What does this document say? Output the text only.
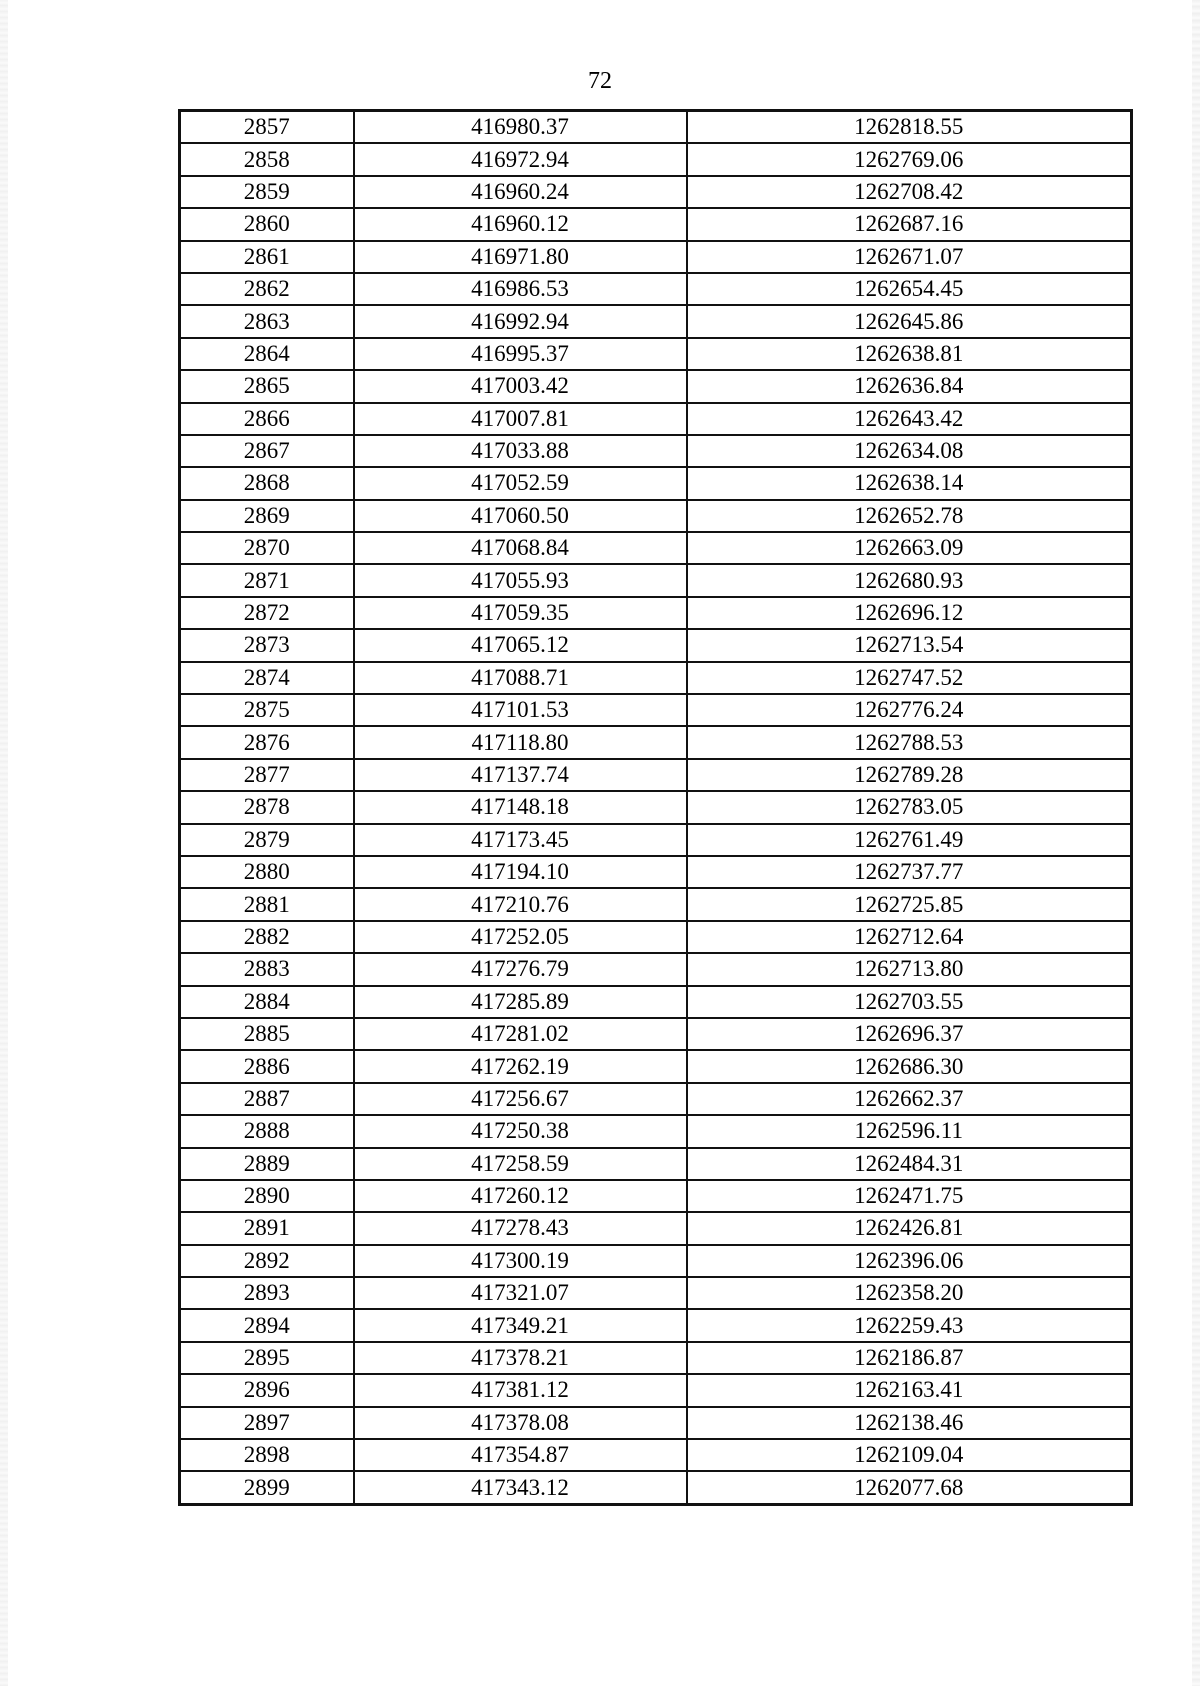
72
2857	416980.37	1262818.55
2858	416972.94	1262769.06
2859	416960.24	1262708.42
2860	416960.12	1262687.16
2861	416971.80	1262671.07
2862	416986.53	1262654.45
2863	416992.94	1262645.86
2864	416995.37	1262638.81
2865	417003.42	1262636.84
2866	417007.81	1262643.42
2867	417033.88	1262634.08
2868	417052.59	1262638.14
2869	417060.50	1262652.78
2870	417068.84	1262663.09
2871	417055.93	1262680.93
2872	417059.35	1262696.12
2873	417065.12	1262713.54
2874	417088.71	1262747.52
2875	417101.53	1262776.24
2876	417118.80	1262788.53
2877	417137.74	1262789.28
2878	417148.18	1262783.05
2879	417173.45	1262761.49
2880	417194.10	1262737.77
2881	417210.76	1262725.85
2882	417252.05	1262712.64
2883	417276.79	1262713.80
2884	417285.89	1262703.55
2885	417281.02	1262696.37
2886	417262.19	1262686.30
2887	417256.67	1262662.37
2888	417250.38	1262596.11
2889	417258.59	1262484.31
2890	417260.12	1262471.75
2891	417278.43	1262426.81
2892	417300.19	1262396.06
2893	417321.07	1262358.20
2894	417349.21	1262259.43
2895	417378.21	1262186.87
2896	417381.12	1262163.41
2897	417378.08	1262138.46
2898	417354.87	1262109.04
2899	417343.12	1262077.68
